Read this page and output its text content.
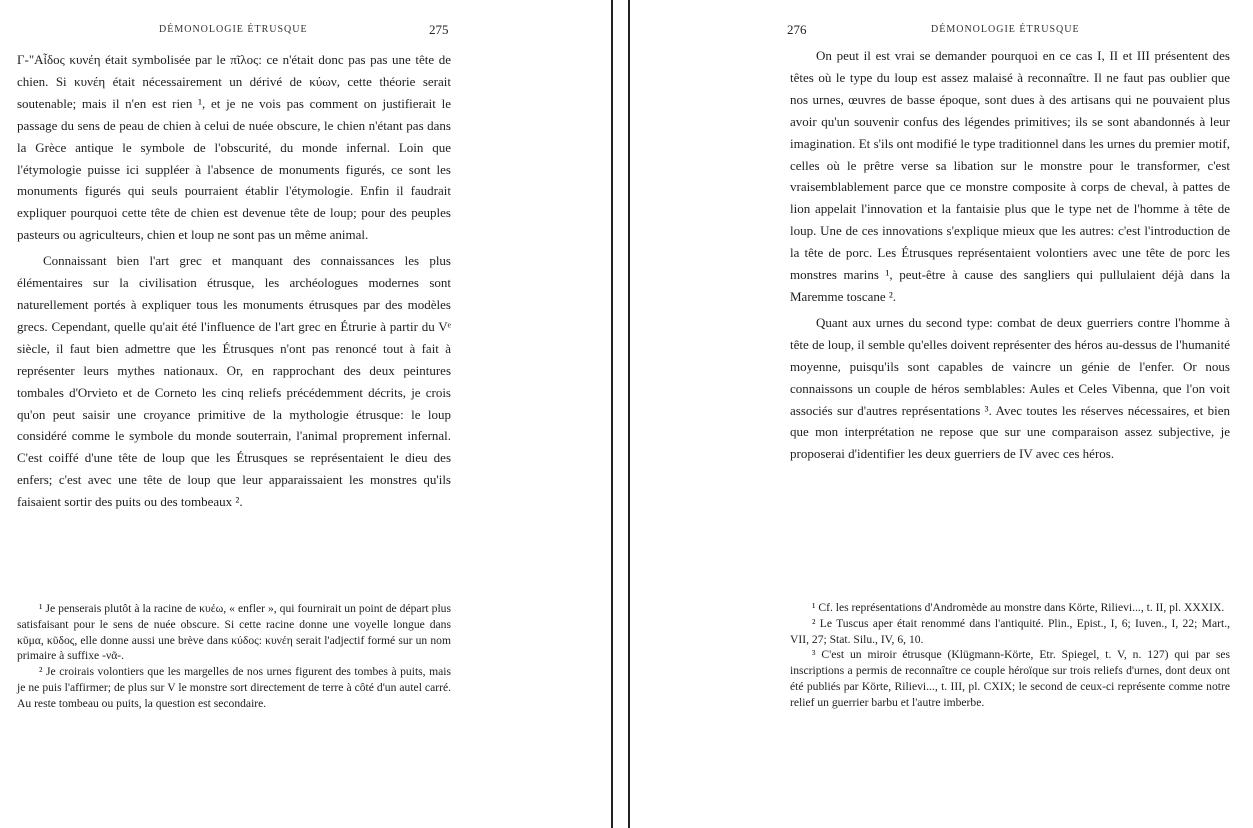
DÉMONOLOGIE ÉTRUSQUE	275

Γ-"Αἶδος κυνέη était symbolisée par le πῖλος: ce n'était donc pas pas une tête de chien. Si κυνέη était nécessairement un dérivé de κύων, cette théorie serait soutenable; mais il n'en est rien ¹, et je ne vois pas comment on justifierait le passage du sens de peau de chien à celui de nuée obscure, le chien n'étant pas dans la Grèce antique le symbole de l'obscurité, du monde infernal. Loin que l'étymologie puisse ici suppléer à l'absence de monuments figurés, ce sont les monuments figurés qui seuls pourraient établir l'étymologie. Enfin il faudrait expliquer pourquoi cette tête de chien est devenue tête de loup; pour des peuples pasteurs ou agriculteurs, chien et loup ne sont pas un même animal.

Connaissant bien l'art grec et manquant des connaissances les plus élémentaires sur la civilisation étrusque, les archéologues modernes sont naturellement portés à expliquer tous les monuments étrusques par des modèles grecs. Cependant, quelle qu'ait été l'influence de l'art grec en Étrurie à partir du Vᵉ siècle, il faut bien admettre que les Étrusques n'ont pas renoncé tout à fait à représenter leurs mythes nationaux. Or, en rapprochant des deux peintures tombales d'Orvieto et de Corneto les cinq reliefs précédemment décrits, je crois qu'on peut saisir une croyance primitive de la mythologie étrusque: le loup considéré comme le symbole du monde souterrain, l'animal proprement infernal. C'est coiffé d'une tête de loup que les Étrusques se représentaient le dieu des enfers; c'est avec une tête de loup que leur apparaissaient les monstres qu'ils faisaient sortir des puits ou des tombeaux ².

¹ Je penserais plutôt à la racine de κυέω, « enfler », qui fournirait un point de départ plus satisfaisant pour le sens de nuée obscure. Si cette racine donne une voyelle longue dans κῦμα, κῦδος, elle donne aussi une brève dans κύδος: κυνέη serait l'adjectif formé sur un nom primaire à suffixe -νᾶ-.

² Je croirais volontiers que les margelles de nos urnes figurent des tombes à puits, mais je ne puis l'affirmer; de plus sur V le monstre sort directement de terre à côté d'un autel carré. Au reste tombeau ou puits, la question est secondaire.

276	DÉMONOLOGIE ÉTRUSQUE

On peut il est vrai se demander pourquoi en ce cas I, II et III présentent des têtes où le type du loup est assez malaisé à reconnaître. Il ne faut pas oublier que nos urnes, œuvres de basse époque, sont dues à des artisans qui ne pouvaient plus avoir qu'un souvenir confus des légendes primitives; ils se sont abandonnés à leur imagination. Et s'ils ont modifié le type traditionnel dans les urnes du premier motif, celles où le prêtre verse sa libation sur le monstre pour le transformer, c'est vraisemblablement parce que ce monstre composite à corps de cheval, à pattes de lion appelait l'innovation et la fantaisie plus que le type net de l'homme à tête de loup. Une de ces innovations s'explique mieux que les autres: c'est l'introduction de la tête de porc. Les Étrusques représentaient volontiers avec une tête de porc les monstres marins ¹, peut-être à cause des sangliers qui pullulaient déjà dans la Maremme toscane ².

Quant aux urnes du second type: combat de deux guerriers contre l'homme à tête de loup, il semble qu'elles doivent représenter des héros au-dessus de l'humanité moyenne, puisqu'ils sont capables de vaincre un génie de l'enfer. Or nous connaissons un couple de héros semblables: Aules et Celes Vibenna, que l'on voit associés sur d'autres représentations ³. Avec toutes les réserves nécessaires, et bien que mon interprétation ne repose que sur une comparaison assez subjective, je proposerai d'identifier les deux guerriers de IV avec ces héros.

¹ Cf. les représentations d'Andromède au monstre dans Körte, Rilievi..., t. II, pl. XXXIX.

² Le Tuscus aper était renommé dans l'antiquité. Plin., Epist., I, 6; Iuven., I, 22; Mart., VII, 27; Stat. Silu., IV, 6, 10.

³ C'est un miroir étrusque (Klügmann-Körte, Etr. Spiegel, t. V, n. 127) qui par ses inscriptions a permis de reconnaître ce couple héroïque sur trois reliefs d'urnes, dont deux ont été publiés par Körte, Rilievi..., t. III, pl. CXIX; le second de ceux-ci représente comme notre relief un guerrier barbu et l'autre imberbe.
